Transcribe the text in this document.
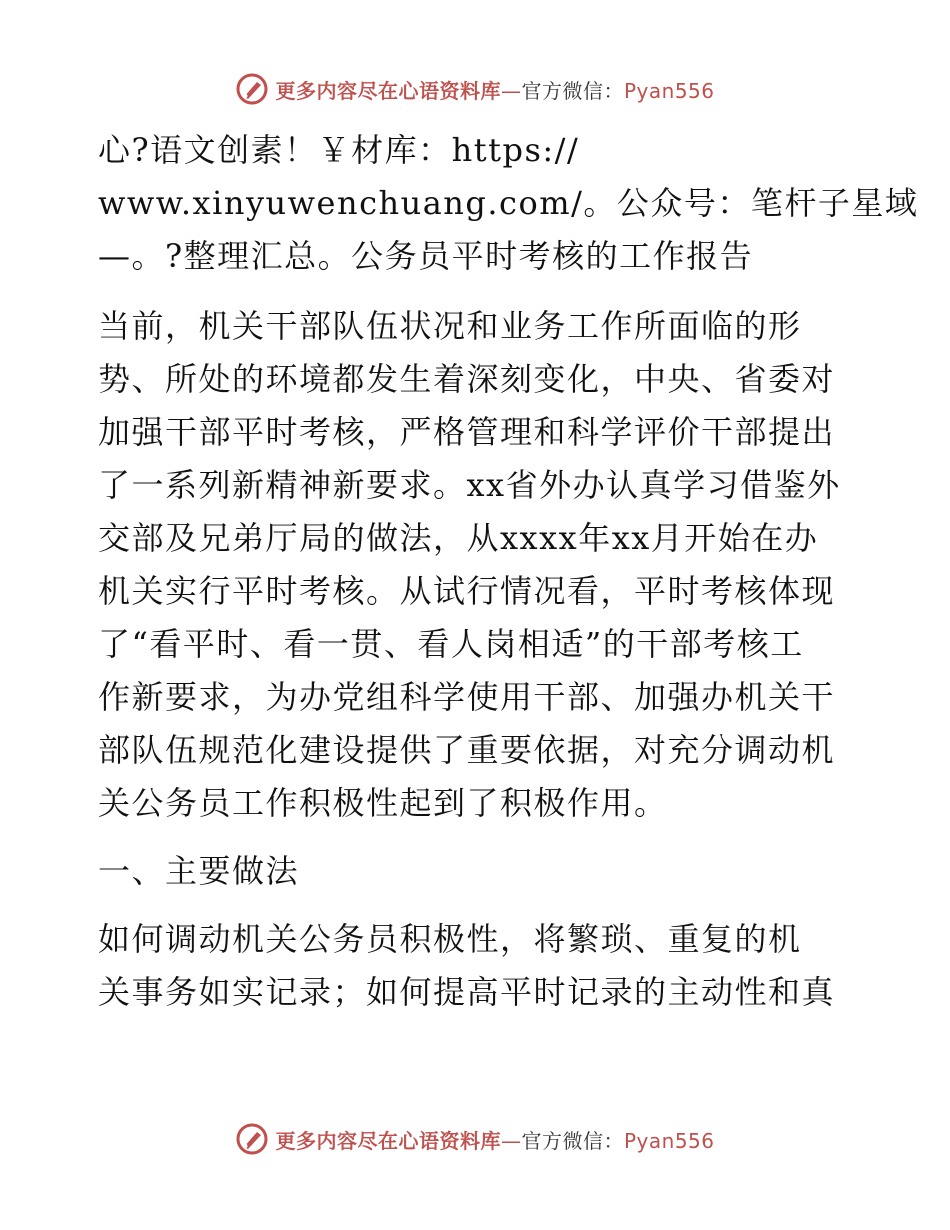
更多内容尽在心语资料库—官方微信：Pyan556
心?语文创素！￥材库：https://
www.xinyuwenchuang.com/。公众号：笔杆子星域
—。?整理汇总。公务员平时考核的工作报告
当前，机关干部队伍状况和业务工作所面临的形
势、所处的环境都发生着深刻变化，中央、省委对
加强干部平时考核，严格管理和科学评价干部提出
了一系列新精神新要求。xx省外办认真学习借鉴外
交部及兄弟厅局的做法，从xxxx年xx月开始在办
机关实行平时考核。从试行情况看，平时考核体现
了“看平时、看一贯、看人岗相适”的干部考核工
作新要求，为办党组科学使用干部、加强办机关干
部队伍规范化建设提供了重要依据，对充分调动机
关公务员工作积极性起到了积极作用。
一、主要做法
如何调动机关公务员积极性，将繁琐、重复的机
关事务如实记录；如何提高平时记录的主动性和真
更多内容尽在心语资料库—官方微信：Pyan556
